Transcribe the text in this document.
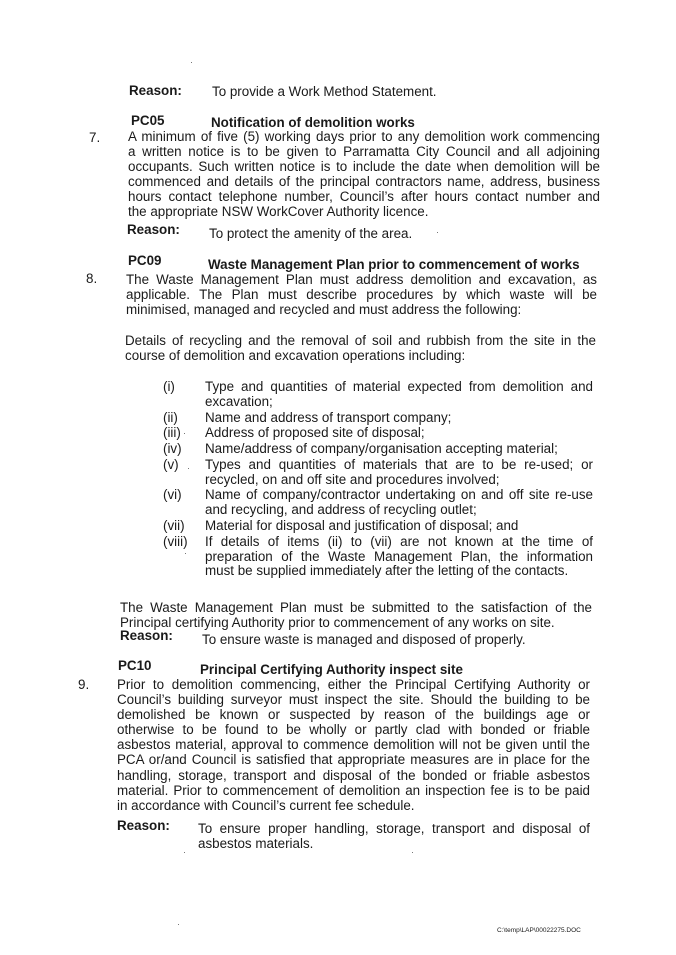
Reason: To provide a Work Method Statement.
PC05	Notification of demolition works
7. A minimum of five (5) working days prior to any demolition work commencing
a written notice is to be given to Parramatta City Council and all adjoining
occupants. Such written notice is to include the date when demolition will be
commenced and details of the principal contractors name, address, business
hours contact telephone number, Council’s after hours contact number and
the appropriate NSW WorkCover Authority licence.
Reason: To protect the amenity of the area.
PC09	Waste Management Plan prior to commencement of works
8. The Waste Management Plan must address demolition and excavation, as
applicable. The Plan must describe procedures by which waste will be
minimised, managed and recycled and must address the following:
Details of recycling and the removal of soil and rubbish from the site in the
course of demolition and excavation operations including:
(i) Type and quantities of material expected from demolition and
excavation;
(ii) Name and address of transport company;
(iii) Address of proposed site of disposal;
(iv) Name/address of company/organisation accepting material;
(v) Types and quantities of materials that are to be re-used; or
recycled, on and off site and procedures involved;
(vi) Name of company/contractor undertaking on and off site re-use
and recycling, and address of recycling outlet;
(vii) Material for disposal and justification of disposal; and
(viii) If details of items (ii) to (vii) are not known at the time of
preparation of the Waste Management Plan, the information
must be supplied immediately after the letting of the contacts.
The Waste Management Plan must be submitted to the satisfaction of the
Principal certifying Authority prior to commencement of any works on site.
Reason: To ensure waste is managed and disposed of properly.
PC10	Principal Certifying Authority inspect site
9. Prior to demolition commencing, either the Principal Certifying Authority or
Council’s building surveyor must inspect the site. Should the building to be
demolished be known or suspected by reason of the buildings age or
otherwise to be found to be wholly or partly clad with bonded or friable
asbestos material, approval to commence demolition will not be given until the
PCA or/and Council is satisfied that appropriate measures are in place for the
handling, storage, transport and disposal of the bonded or friable asbestos
material. Prior to commencement of demolition an inspection fee is to be paid
in accordance with Council’s current fee schedule.
Reason: To ensure proper handling, storage, transport and disposal of
asbestos materials.
C:\temp\LAP\00022275.DOC
